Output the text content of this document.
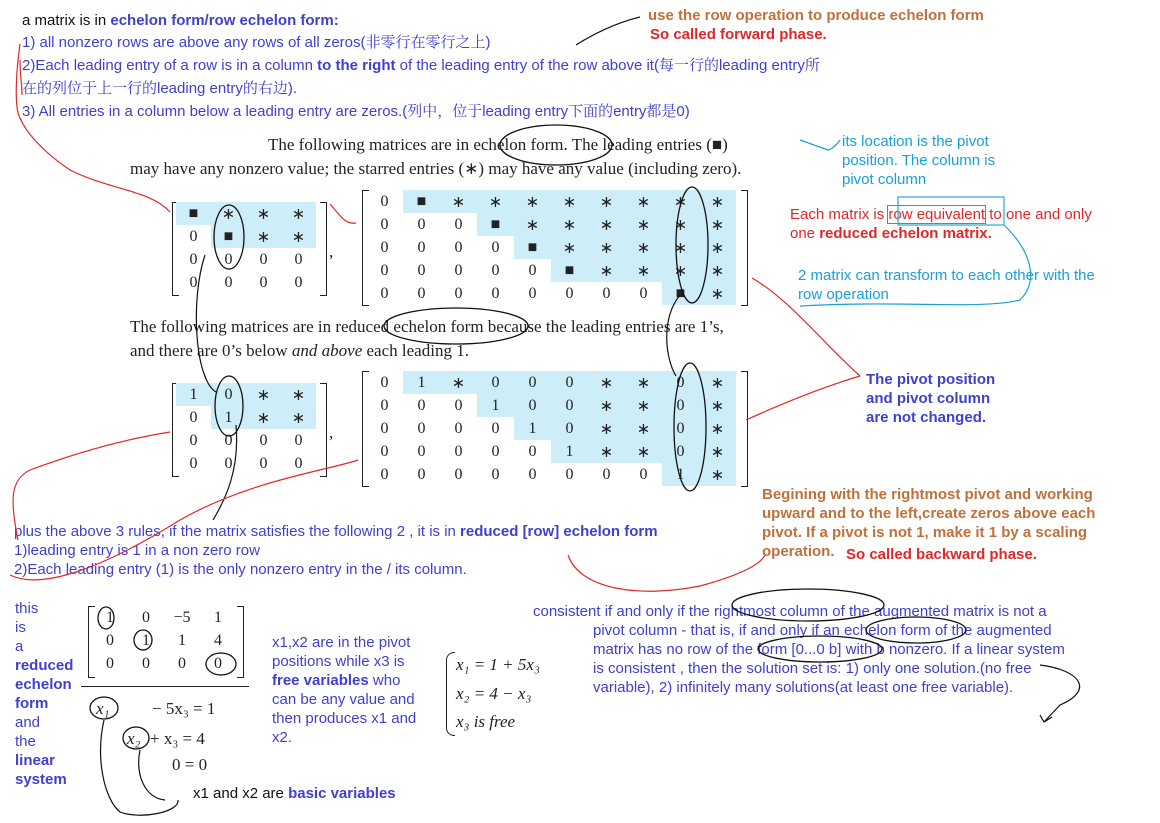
a matrix is in echelon form/row echelon form:
1) all nonzero rows are above any rows of all zeros(非零行在零行之上)
2)Each leading entry of a row is in a column to the right of the leading entry of the row above it(每一行的leading entry所
在的列位于上一行的leading entry的右边).
3) All entries in a column below a leading entry are zeros.(列中，位于leading entry下面的entry都是0)
use the row operation to produce echelon form
So called forward phase.
its location is the pivot
position. The column is
pivot column
Each matrix is row equivalent to one and only
one reduced echelon matrix.
2 matrix can transform to each other with the
row operation
The pivot position
and pivot column
are not changed.
Begining with the rightmost pivot and working
upward and to the left,create zeros above each
pivot. If a pivot is not 1, make it 1 by a scaling
operation. So called backward phase.
The following matrices are in echelon form. The leading entries (■)
may have any nonzero value; the starred entries (∗) may have any value (including zero).
The following matrices are in reduced echelon form because the leading entries are 1’s,
and there are 0’s below and above each leading 1.
■	∗	∗	∗
0	■	∗	∗
0	0	0	0
0	0	0	0
,
0	■	∗	∗	∗	∗	∗	∗	∗	∗
0	0	0	■	∗	∗	∗	∗	∗	∗
0	0	0	0	■	∗	∗	∗	∗	∗
0	0	0	0	0	■	∗	∗	∗	∗
0	0	0	0	0	0	0	0	■	∗
1	0	∗	∗
0	1	∗	∗
0	0	0	0
0	0	0	0
,
0	1	∗	0	0	0	∗	∗	0	∗
0	0	0	1	0	0	∗	∗	0	∗
0	0	0	0	1	0	∗	∗	0	∗
0	0	0	0	0	1	∗	∗	0	∗
0	0	0	0	0	0	0	0	1	∗
plus the above 3 rules, if the matrix satisfies the following 2 , it is in reduced [row] echelon form
1)leading entry is 1 in a non zero row
2)Each leading entry (1) is the only nonzero entry in the / its column.
this
is
a
reduced
echelon
form
and
the
linear
system
1	0	−5	1
0	1	1	4
0	0	0	0
x₁	− 5x₃ = 1
x₂ + x₃ = 4
0 = 0
x1,x2 are in the pivot
positions while x3 is
free variables who
can be any value and
then produces x1 and
x2.
x₁ = 1 + 5x₃
x₂ = 4 − x₃
x₃ is free
x1 and x2 are basic variables
consistent if and only if the rightmost column of the augmented matrix is not a
pivot column - that is, if and only if an echelon form of the augmented
matrix has no row of the form [0...0 b] with b nonzero. If a linear system
is consistent , then the solution set is: 1) only one solution.(no free
variable), 2) infinitely many solutions(at least one free variable).
